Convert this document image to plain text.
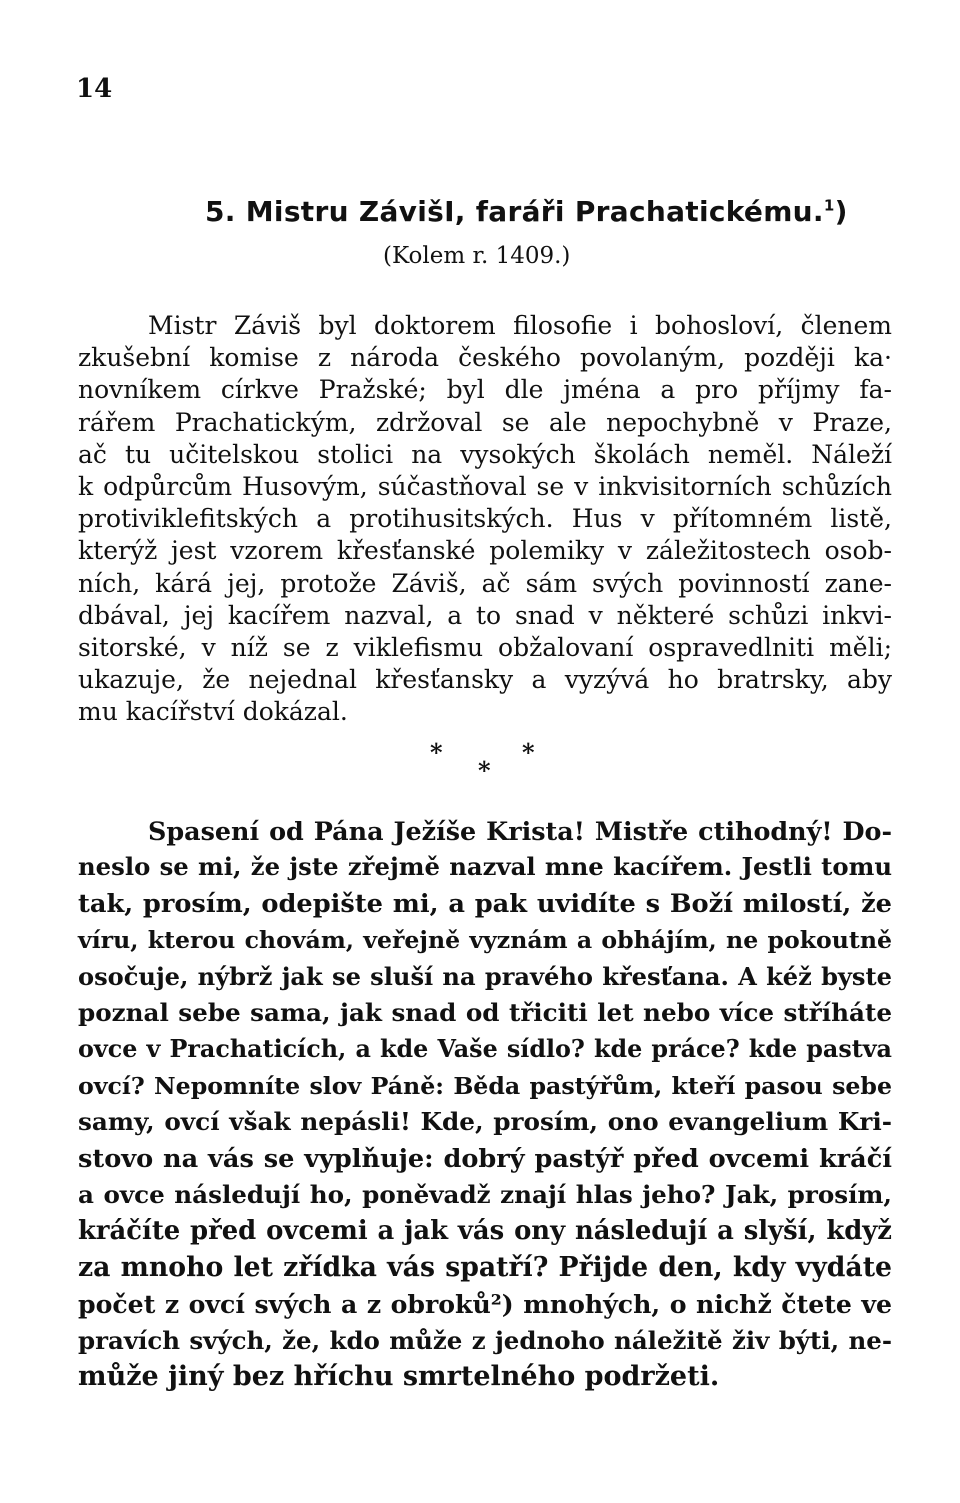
14
5. Mistru ZávišI, faráři Prachatickému.$^1$)
(Kolem r. 1409.)
Mistr Záviš byl doktorem filosofie i bohosloví, členem
zkušební komise z národa českého povolaným, později ka·
novníkem církve Pražské; byl dle jména a pro příjmy fa-
rářem Prachatickým, zdržoval se ale nepochybně v Praze,
ač tu učitelskou stolici na vysokých školách neměl. Náleží
k odpůrcům Husovým, súčastňoval se v inkvisitorních schůzích
protiviklefitských a protihusitských. Hus v přítomném listě,
kterýž jest vzorem křesťanské polemiky v záležitostech osob-
ních, kárá jej, protože Záviš, ač sám svých povinností zane-
dbával, jej kacířem nazval, a to snad v některé schůzi inkvi-
sitorské, v níž se z viklefismu obžalovaní ospravedlniti měli;
ukazuje, že nejednal křesťansky a vyzývá ho bratrsky, aby
mu kacířství dokázal.
*
*
*
Spasení od Pána Ježíše Krista! Mistře ctihodný! Do-
neslo se mi, že jste zřejmě nazval mne kacířem. Jestli tomu
tak, prosím, odepište mi, a pak uvidíte s Boží milostí, že
víru, kterou chovám, veřejně vyznám a obhájím, ne pokoutně
osočuje, nýbrž jak se sluší na pravého křesťana. A kéž byste
poznal sebe sama, jak snad od třiciti let nebo více stříháte
ovce v Prachaticích, a kde Vaše sídlo? kde práce? kde pastva
ovcí? Nepomníte slov Páně: Běda pastýřům, kteří pasou sebe
samy, ovcí však nepásli! Kde, prosím, ono evangelium Kri-
stovo na vás se vyplňuje: dobrý pastýř před ovcemi kráčí
a ovce následují ho, poněvadž znají hlas jeho? Jak, prosím,
kráčíte před ovcemi a jak vás ony následují a slyší, když
za mnoho let zřídka vás spatří? Přijde den, kdy vydáte
počet z ovcí svých a z obroků²) mnohých, o nichž čtete ve
pravích svých, že, kdo může z jednoho náležitě živ býti, ne-
může jiný bez hříchu smrtelného podržeti.
